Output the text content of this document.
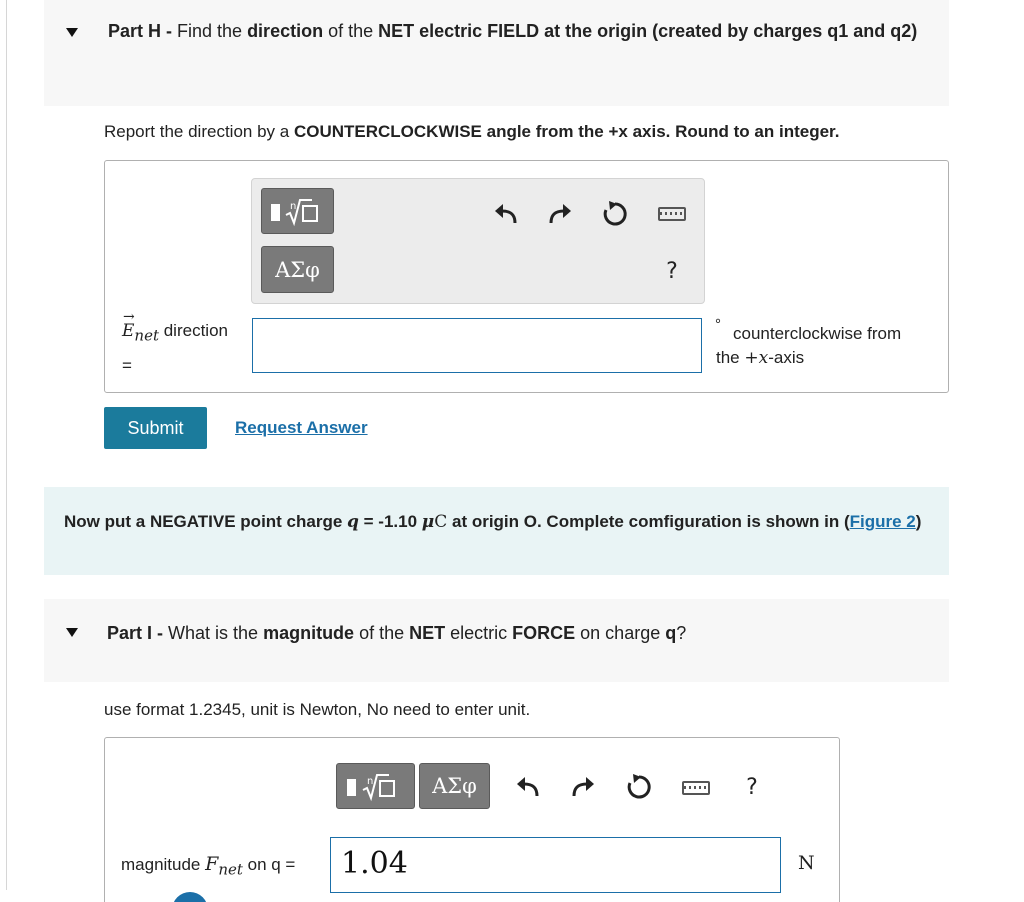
Part H - Find the direction of the NET electric FIELD at the origin (created by charges q1 and q2)
Report the direction by a COUNTERCLOCKWISE angle from the +x axis. Round to an integer.
n
ΑΣφ	?
→
$E_{net}$ direction
=
° counterclockwise from
the +x-axis
Submit	Request Answer
Now put a NEGATIVE point charge q = -1.10 μC at origin O. Complete comfiguration is shown in (Figure 2)
Part I - What is the magnitude of the NET electric FORCE on charge q?
use format 1.2345, unit is Newton, No need to enter unit.
n	ΑΣφ	?
magnitude $F_{net}$ on q =	1.04	N
